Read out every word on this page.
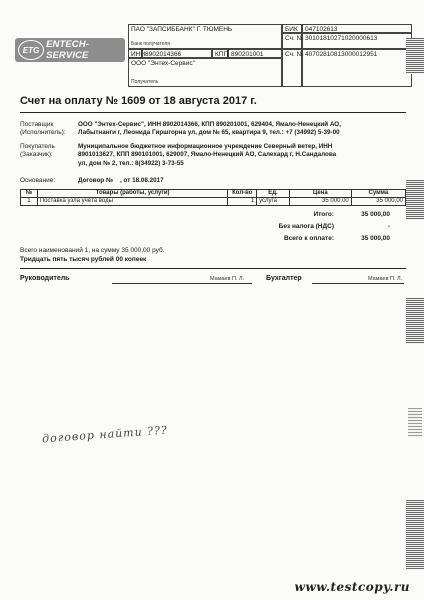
ETG ENTECH-SERVICE
ПАО "ЗАПСИББАНК" Г. ТЮМЕНЬ
Банк получателя
БИК	047102613
Сч. № 30101810271020000613
ИНН 8902014366	КПП 890201001	Сч. № 40702810813000012951
ООО "Энтех-Сервис"
Получатель
Счет на оплату № 1609 от 18 августа 2017 г.
Поставщик
(Исполнитель):
ООО "Энтех-Сервис", ИНН 8902014366, КПП 890201001, 629404, Ямало-Ненецкий АО,
Лабытнанги г, Леонида Гиршгорна ул, дом № 65, квартира 9, тел.: +7 (34992) 5-39-00
Покупатель
(Заказчик):
Муниципальное бюджетное информационное учреждение Северный ветер, ИНН
8901013627, КПП 890101001, 629007, Ямало-Ненецкий АО, Салехард г, Н.Сандалова
ул, дом № 2, тел.: 8(34922) 3-73-55
Основание:	Договор №    , от 18.08.2017
№	Товары (работы, услуги)	Кол-во	Ед.	Цена	Сумма
1	Поставка узла учёта воды	1	услуга	35 000,00	35 000,00
Итого:	35 000,00
Без налога (НДС)	-
Всего к оплате:	35 000,00
Всего наименований 1, на сумму 35 000,00 руб.
Тридцать пять тысяч рублей 00 копеек
Руководитель	Мамаев П. Л.	Бухгалтер	Мамаев П. Л.
договор найти ???
www.testcopy.ru
